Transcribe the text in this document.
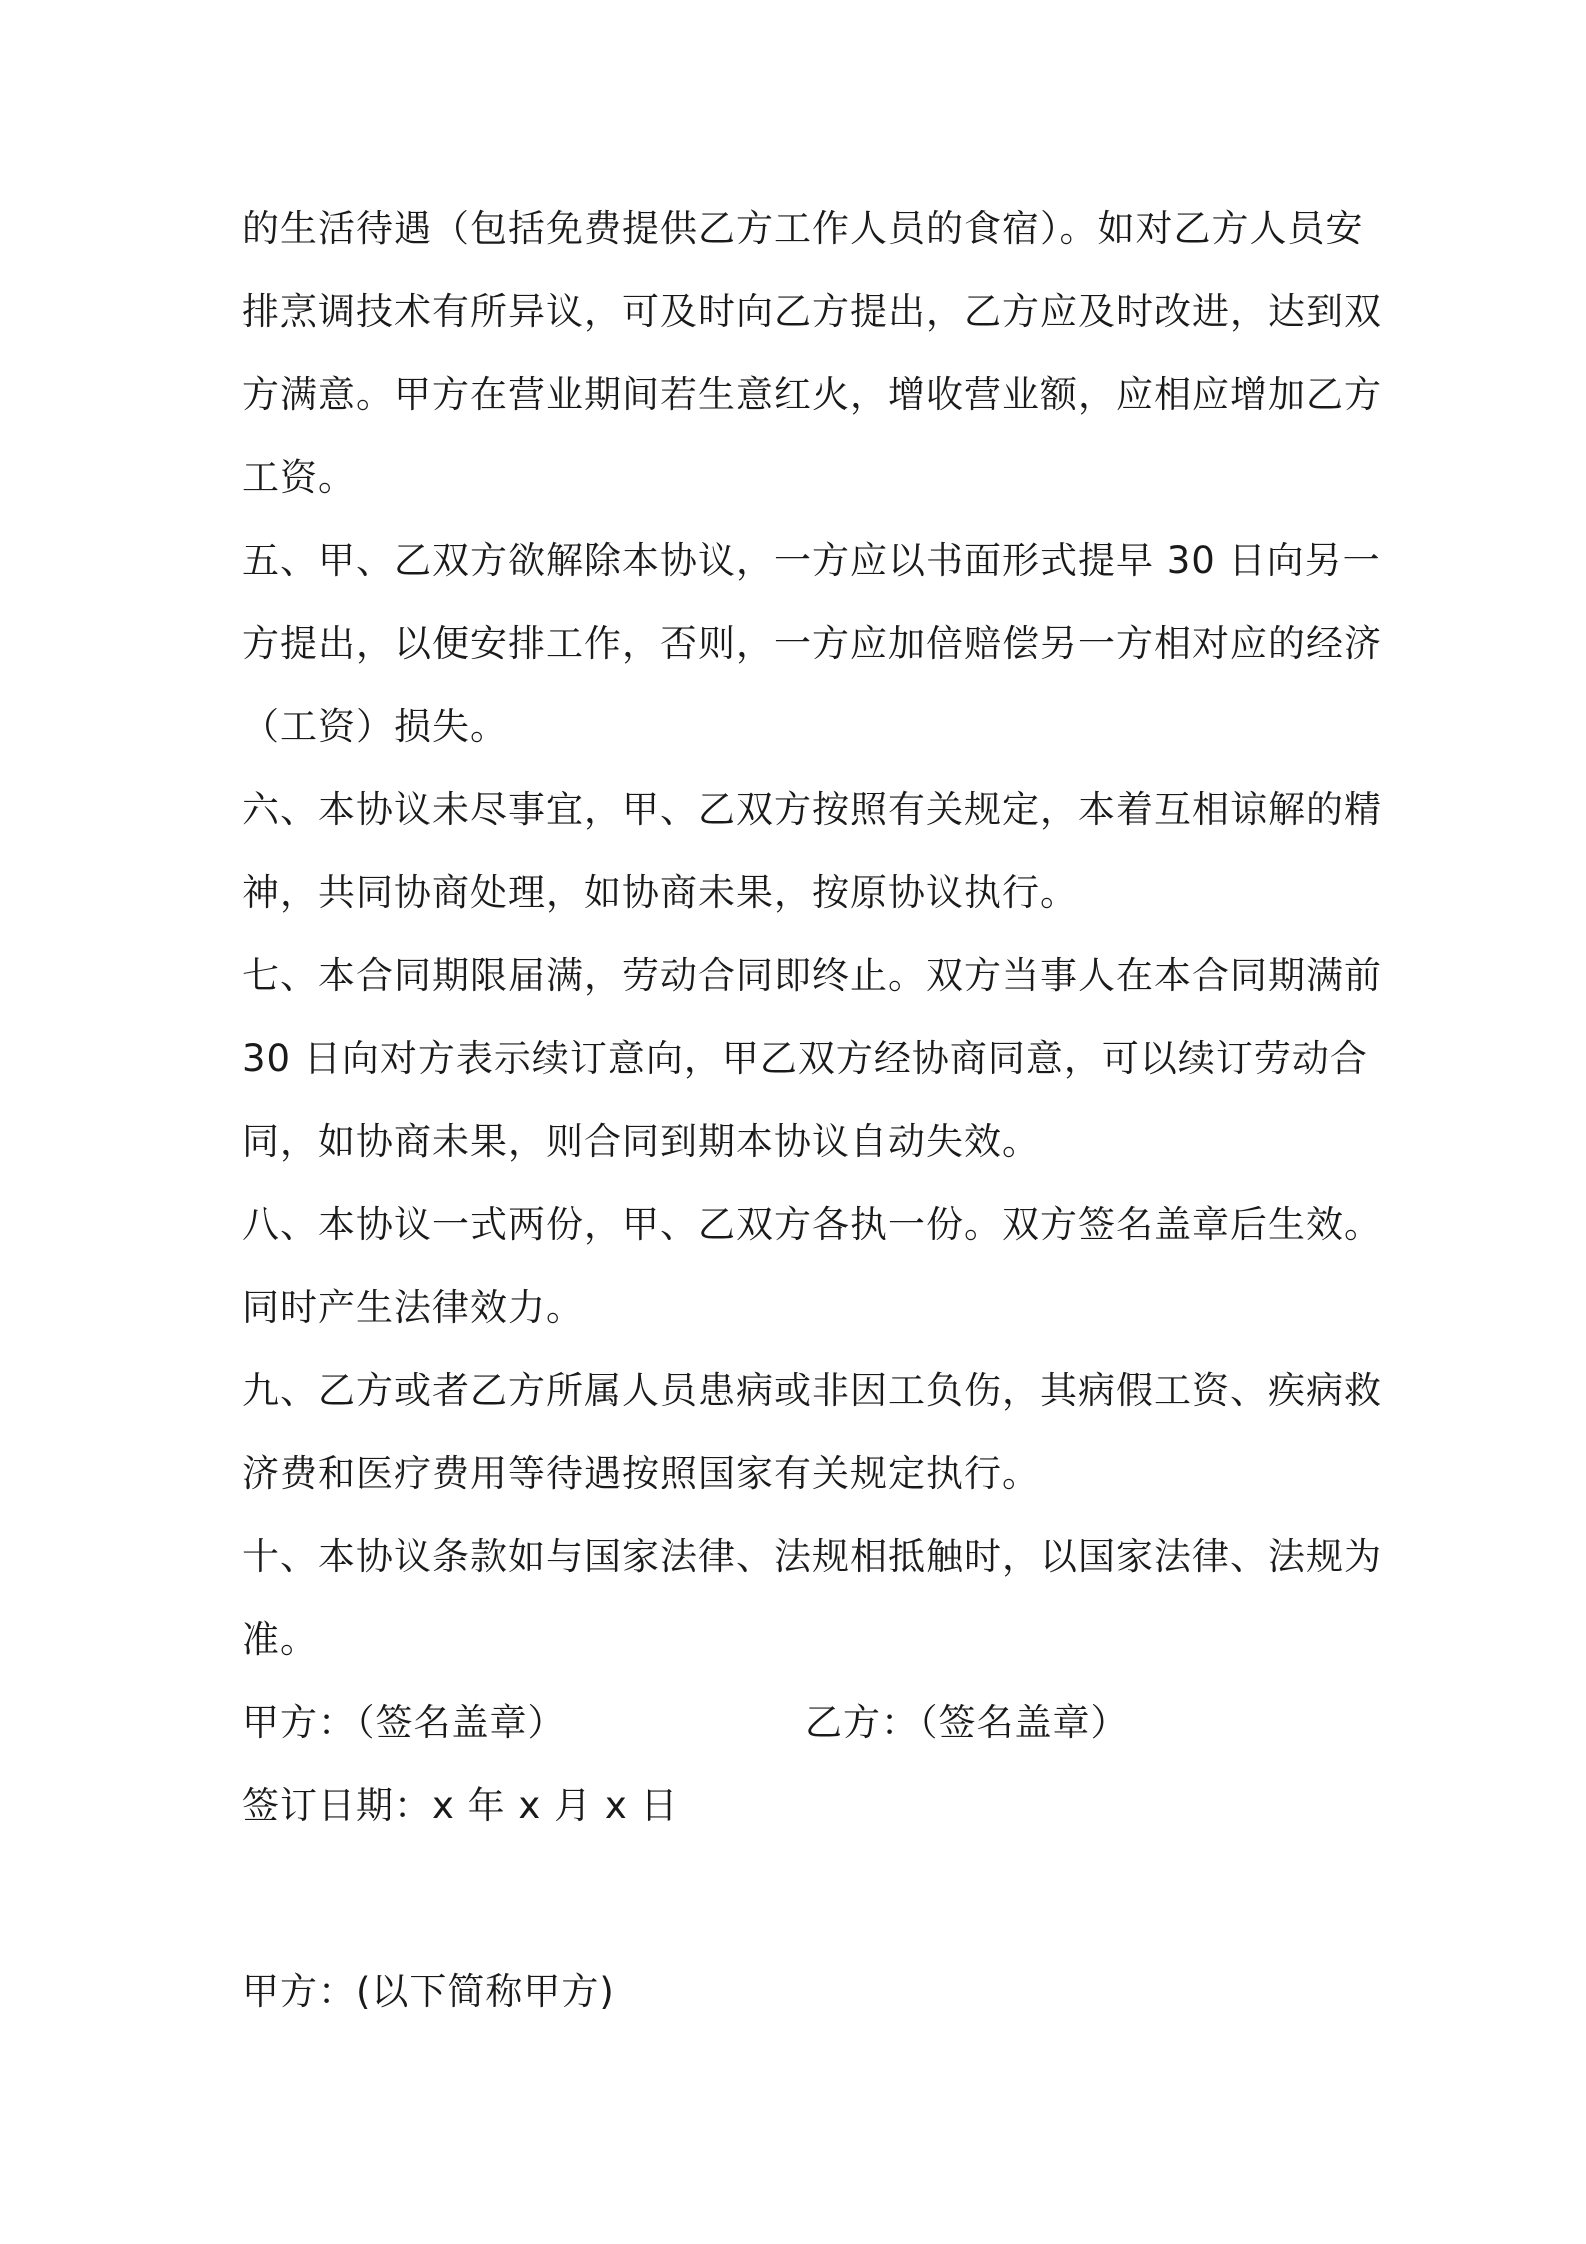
的生活待遇（包括免费提供乙方工作人员的食宿）。如对乙方人员安
排烹调技术有所异议，可及时向乙方提出，乙方应及时改进，达到双
方满意。甲方在营业期间若生意红火，增收营业额，应相应增加乙方
工资。
五、甲、乙双方欲解除本协议，一方应以书面形式提早 30 日向另一
方提出，以便安排工作，否则，一方应加倍赔偿另一方相对应的经济
（工资）损失。
六、本协议未尽事宜，甲、乙双方按照有关规定，本着互相谅解的精
神，共同协商处理，如协商未果，按原协议执行。
七、本合同期限届满，劳动合同即终止。双方当事人在本合同期满前
30 日向对方表示续订意向，甲乙双方经协商同意，可以续订劳动合
同，如协商未果，则合同到期本协议自动失效。
八、本协议一式两份，甲、乙双方各执一份。双方签名盖章后生效。
同时产生法律效力。
九、乙方或者乙方所属人员患病或非因工负伤，其病假工资、疾病救
济费和医疗费用等待遇按照国家有关规定执行。
十、本协议条款如与国家法律、法规相抵触时，以国家法律、法规为
准。
甲方：（签名盖章）	乙方：（签名盖章）
签订日期：x 年 x 月 x 日
甲方：(以下简称甲方)
